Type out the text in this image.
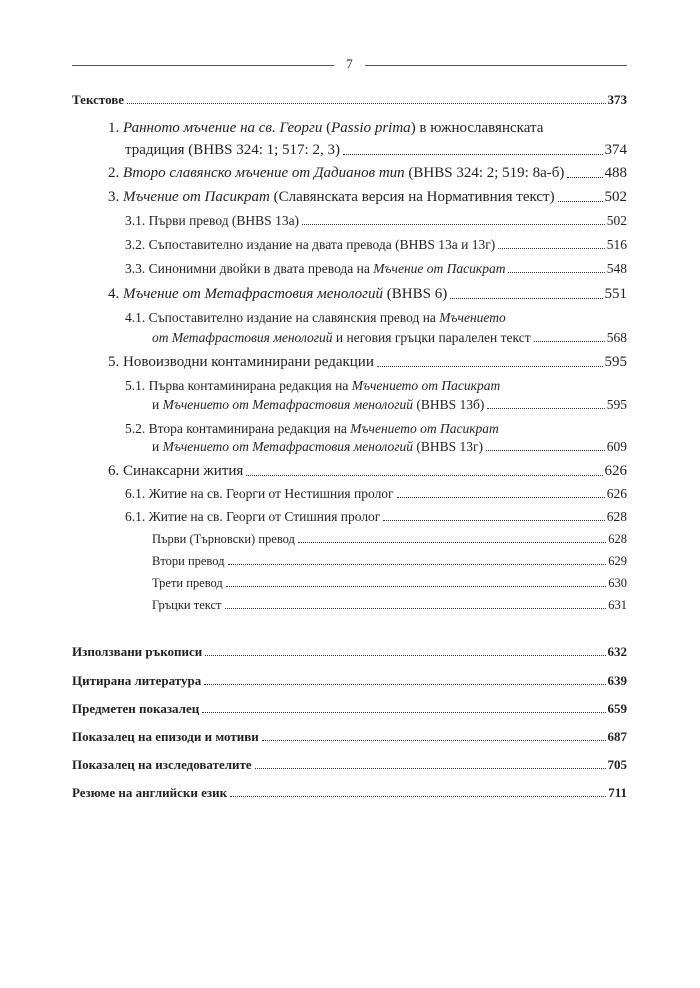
7
Текстове	373
1. Ранното мъчение на св. Георги (Passio prima) в южнославянската
традиция (BHBS 324: 1; 517: 2, 3)	374
2. Второ славянско мъчение от Дадианов тип (BHBS 324: 2; 519: 8а-б)	488
3. Мъчение от Пасикрат (Славянската версия на Нормативния текст)	502
3.1. Първи превод (BHBS 13а)	502
3.2. Съпоставително издание на двата превода (BHBS 13а и 13г)	516
3.3. Синонимни двойки в двата превода на Мъчение от Пасикрат	548
4. Мъчение от Метафрастовия менологий (BHBS 6)	551
4.1. Съпоставително издание на славянския превод на Мъчението
от Метафрастовия менологий и неговия гръцки паралелен текст	568
5. Новоизводни контаминирани редакции	595
5.1. Първа контаминирана редакция на Мъчението от Пасикрат
и Мъчението от Метафрастовия менологий (BHBS 13б)	595
5.2. Втора контаминирана редакция на Мъчението от Пасикрат
и Мъчението от Метафрастовия менологий (BHBS 13г)	609
6. Синаксарни жития	626
6.1. Житие на св. Георги от Нестишния пролог	626
6.1. Житие на св. Георги от Стишния пролог	628
Първи (Търновски) превод	628
Втори превод	629
Трети превод	630
Гръцки текст	631
Използвани ръкописи	632
Цитирана литература	639
Предметен показалец	659
Показалец на епизоди и мотиви	687
Показалец на изследователите	705
Резюме на английски език	711
